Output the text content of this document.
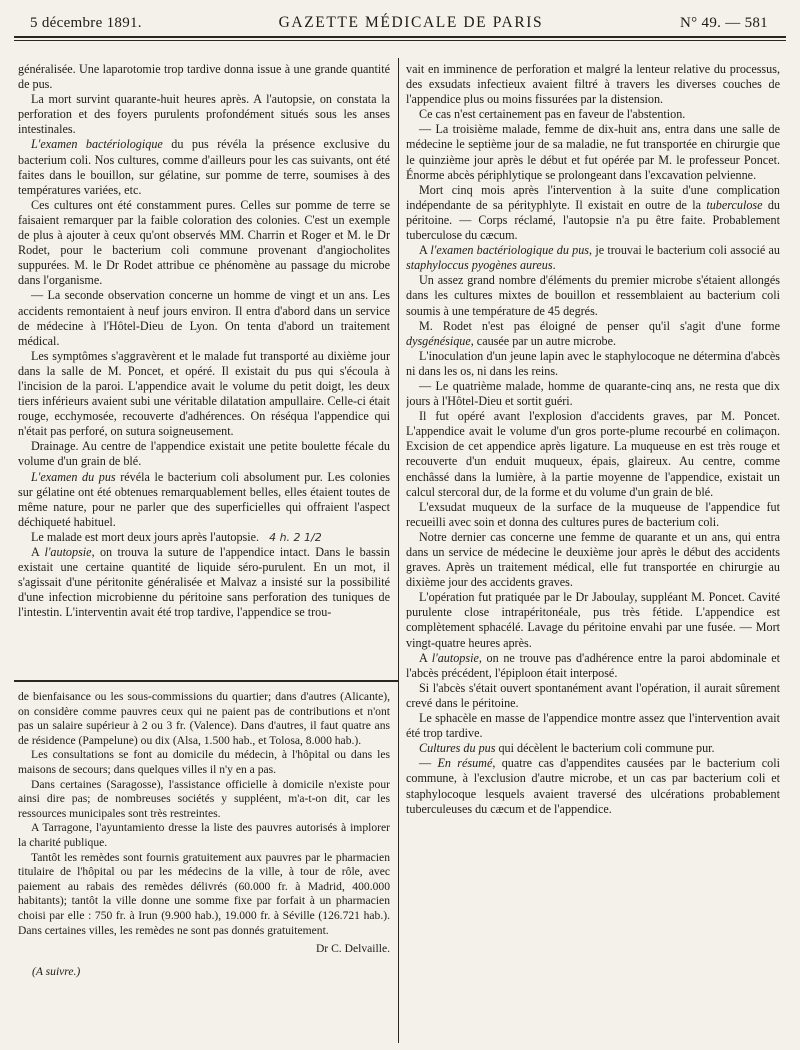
5 décembre 1891.	GAZETTE MÉDICALE DE PARIS	N° 49. — 581

généralisée. Une laparotomie trop tardive donna issue à une grande quantité de pus.

La mort survint quarante-huit heures après. A l'autopsie, on constata la perforation et des foyers purulents profondément situés sous les anses intestinales.

L'examen bactériologique du pus révéla la présence exclusive du bacterium coli. Nos cultures, comme d'ailleurs pour les cas suivants, ont été faites dans le bouillon, sur gélatine, sur pomme de terre, soumises à des températures variées, etc.

Ces cultures ont été constamment pures. Celles sur pomme de terre se faisaient remarquer par la faible coloration des colonies. C'est un exemple de plus à ajouter à ceux qu'ont observés MM. Charrin et Roger et M. le Dr Rodet, pour le bacterium coli commune provenant d'angiocholites suppurées. M. le Dr Rodet attribue ce phénomène au passage du microbe dans l'organisme.

— La seconde observation concerne un homme de vingt et un ans. Les accidents remontaient à neuf jours environ. Il entra d'abord dans un service de médecine à l'Hôtel-Dieu de Lyon. On tenta d'abord un traitement médical.

Les symptômes s'aggravèrent et le malade fut transporté au dixième jour dans la salle de M. Poncet, et opéré. Il existait du pus qui s'écoula à l'incision de la paroi. L'appendice avait le volume du petit doigt, les deux tiers inférieurs avaient subi une véritable dilatation ampullaire. Celle-ci était rouge, ecchymosée, recouverte d'adhérences. On réséqua l'appendice qui n'était pas perforé, on sutura soigneusement.

Drainage. Au centre de l'appendice existait une petite boulette fécale du volume d'un grain de blé.

L'examen du pus révéla le bacterium coli absolument pur. Les colonies sur gélatine ont été obtenues remarquablement belles, elles étaient toutes de même nature, pour ne parler que des superficielles qui offraient l'aspect déchiqueté habituel.

Le malade est mort deux jours après l'autopsie. 4 h. 2 1/2

A l'autopsie, on trouva la suture de l'appendice intact. Dans le bassin existait une certaine quantité de liquide séro-purulent. En un mot, il s'agissait d'une péritonite généralisée et Malvaz a insisté sur la possibilité d'une infection microbienne du péritoine sans perforation des tuniques de l'intestin. L'interventin avait été trop tardive, l'appendice se trou-

vait en imminence de perforation et malgré la lenteur relative du processus, des exsudats infectieux avaient filtré à travers les diverses couches de l'appendice plus ou moins fissurées par la distension.

Ce cas n'est certainement pas en faveur de l'abstention.

— La troisième malade, femme de dix-huit ans, entra dans une salle de médecine le septième jour de sa maladie, ne fut transportée en chirurgie que le quinzième jour après le début et fut opérée par M. le professeur Poncet. Énorme abcès périphlytique se prolongeant dans l'excavation pelvienne.

Mort cinq mois après l'intervention à la suite d'une complication indépendante de sa pérityphlyte. Il existait en outre de la tuberculose du péritoine. — Corps réclamé, l'autopsie n'a pu être faite. Probablement tuberculose du cæcum.

A l'examen bactériologique du pus, je trouvai le bacterium coli associé au staphyloccus pyogènes aureus.

Un assez grand nombre d'éléments du premier microbe s'étaient allongés dans les cultures mixtes de bouillon et ressemblaient au bacterium coli soumis à une température de 45 degrés.

M. Rodet n'est pas éloigné de penser qu'il s'agit d'une forme dysgénésique, causée par un autre microbe.

L'inoculation d'un jeune lapin avec le staphylocoque ne détermina d'abcès ni dans les os, ni dans les reins.

— Le quatrième malade, homme de quarante-cinq ans, ne resta que dix jours à l'Hôtel-Dieu et sortit guéri.

Il fut opéré avant l'explosion d'accidents graves, par M. Poncet. L'appendice avait le volume d'un gros porte-plume recourbé en colimaçon. Excision de cet appendice après ligature. La muqueuse en est très rouge et recouverte d'un enduit muqueux, épais, glaireux. Au centre, comme enchâssé dans la lumière, à la partie moyenne de l'appendice, existait un calcul stercoral dur, de la forme et du volume d'un grain de blé.

L'exsudat muqueux de la surface de la muqueuse de l'appendice fut recueilli avec soin et donna des cultures pures de bacterium coli.

Notre dernier cas concerne une femme de quarante et un ans, qui entra dans un service de médecine le deuxième jour après le début des accidents graves. Après un traitement médical, elle fut transportée en chirurgie au dixième jour des accidents graves.

L'opération fut pratiquée par le Dr Jaboulay, suppléant M. Poncet. Cavité purulente close intrapéritonéale, pus très fétide. L'appendice est complètement sphacélé. Lavage du péritoine envahi par une fusée. — Mort vingt-quatre heures après.

A l'autopsie, on ne trouve pas d'adhérence entre la paroi abdominale et l'abcès précédent, l'épiploon était interposé.

Si l'abcès s'était ouvert spontanément avant l'opération, il aurait sûrement crevé dans le péritoine.

Le sphacèle en masse de l'appendice montre assez que l'intervention avait été trop tardive.

Cultures du pus qui décèlent le bacterium coli commune pur.

— En résumé, quatre cas d'appendites causées par le bacterium coli commune, à l'exclusion d'autre microbe, et un cas par bacterium coli et staphylocoque lesquels avaient traversé des ulcérations probablement tuberculeuses du cæcum et de l'appendice.

de bienfaisance ou les sous-commissions du quartier; dans d'autres (Alicante), on considère comme pauvres ceux qui ne paient pas de contributions et n'ont pas un salaire supérieur à 2 ou 3 fr. (Valence). Dans d'autres, il faut quatre ans de résidence (Pampelune) ou dix (Alsa, 1.500 hab., et Tolosa, 8.000 hab.).

Les consultations se font au domicile du médecin, à l'hôpital ou dans les maisons de secours; dans quelques villes il n'y en a pas.

Dans certaines (Saragosse), l'assistance officielle à domicile n'existe pour ainsi dire pas; de nombreuses sociétés y suppléent, m'a-t-on dit, car les ressources municipales sont très restreintes.

A Tarragone, l'ayuntamiento dresse la liste des pauvres autorisés à implorer la charité publique.

Tantôt les remèdes sont fournis gratuitement aux pauvres par le pharmacien titulaire de l'hôpital ou par les médecins de la ville, à tour de rôle, avec paiement au rabais des remèdes délivrés (60.000 fr. à Madrid, 400.000 habitants); tantôt la ville donne une somme fixe par forfait à un pharmacien choisi par elle : 750 fr. à Irun (9.900 hab.), 19.000 fr. à Séville (126.721 hab.). Dans certaines villes, les remèdes ne sont pas donnés gratuitement.

Dr C. Delvaille.

(A suivre.)
